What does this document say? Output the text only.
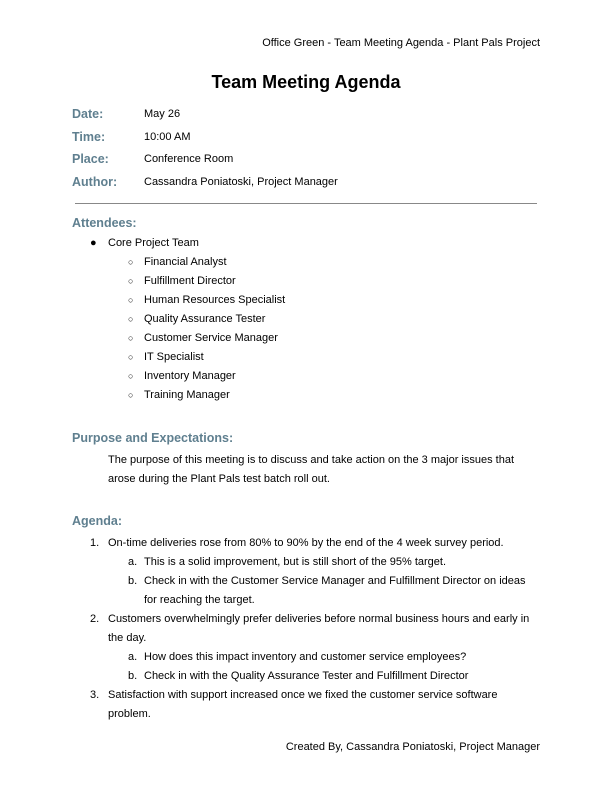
Office Green - Team Meeting Agenda - Plant Pals Project
Team Meeting Agenda
Date:	May 26
Time:	10:00 AM
Place:	Conference Room
Author:	Cassandra Poniatoski, Project Manager
Attendees:
● Core Project Team
○ Financial Analyst
○ Fulfillment Director
○ Human Resources Specialist
○ Quality Assurance Tester
○ Customer Service Manager
○ IT Specialist
○ Inventory Manager
○ Training Manager
Purpose and Expectations:
The purpose of this meeting is to discuss and take action on the 3 major issues that
arose during the Plant Pals test batch roll out.
Agenda:
1. On-time deliveries rose from 80% to 90% by the end of the 4 week survey period.
a. This is a solid improvement, but is still short of the 95% target.
b. Check in with the Customer Service Manager and Fulfillment Director on ideas
for reaching the target.
2. Customers overwhelmingly prefer deliveries before normal business hours and early in
the day.
a. How does this impact inventory and customer service employees?
b. Check in with the Quality Assurance Tester and Fulfillment Director
3. Satisfaction with support increased once we fixed the customer service software
problem.
Created By, Cassandra Poniatoski, Project Manager
